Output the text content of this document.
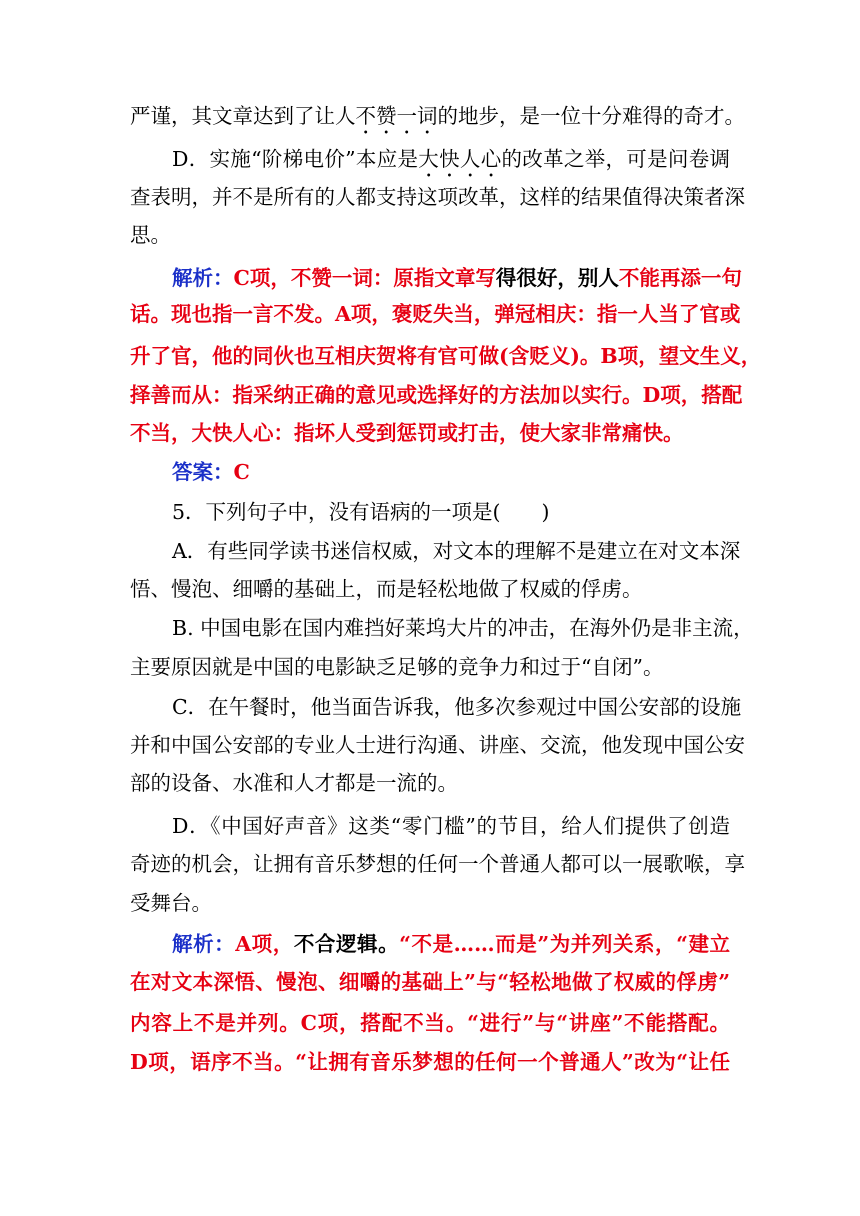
严谨，其文章达到了让人不赞一词的地步，是一位十分难得的奇才。
D．实施“阶梯电价”本应是大快人心的改革之举，可是问卷调
查表明，并不是所有的人都支持这项改革，这样的结果值得决策者深
思。
解析：C项，不赞一词：原指文章写得很好，别人不能再添一句
话。现也指一言不发。A项，褒贬失当，弹冠相庆：指一人当了官或
升了官，他的同伙也互相庆贺将有官可做(含贬义)。B项，望文生义，
择善而从：指采纳正确的意见或选择好的方法加以实行。D项，搭配
不当，大快人心：指坏人受到惩罚或打击，使大家非常痛快。
答案：C
5．下列句子中，没有语病的一项是(　　)
A．有些同学读书迷信权威，对文本的理解不是建立在对文本深
悟、慢泡、细嚼的基础上，而是轻松地做了权威的俘虏。
B. 中国电影在国内难挡好莱坞大片的冲击，在海外仍是非主流，
主要原因就是中国的电影缺乏足够的竞争力和过于“自闭”。
C．在午餐时，他当面告诉我，他多次参观过中国公安部的设施
并和中国公安部的专业人士进行沟通、讲座、交流，他发现中国公安
部的设备、水准和人才都是一流的。
D．《中国好声音》这类“零门槛”的节目，给人们提供了创造
奇迹的机会，让拥有音乐梦想的任何一个普通人都可以一展歌喉，享
受舞台。
解析：A项，不合逻辑。“不是……而是”为并列关系，“建立
在对文本深悟、慢泡、细嚼的基础上”与“轻松地做了权威的俘虏”
内容上不是并列。C项，搭配不当。“进行”与“讲座”不能搭配。
D项，语序不当。“让拥有音乐梦想的任何一个普通人”改为“让任
